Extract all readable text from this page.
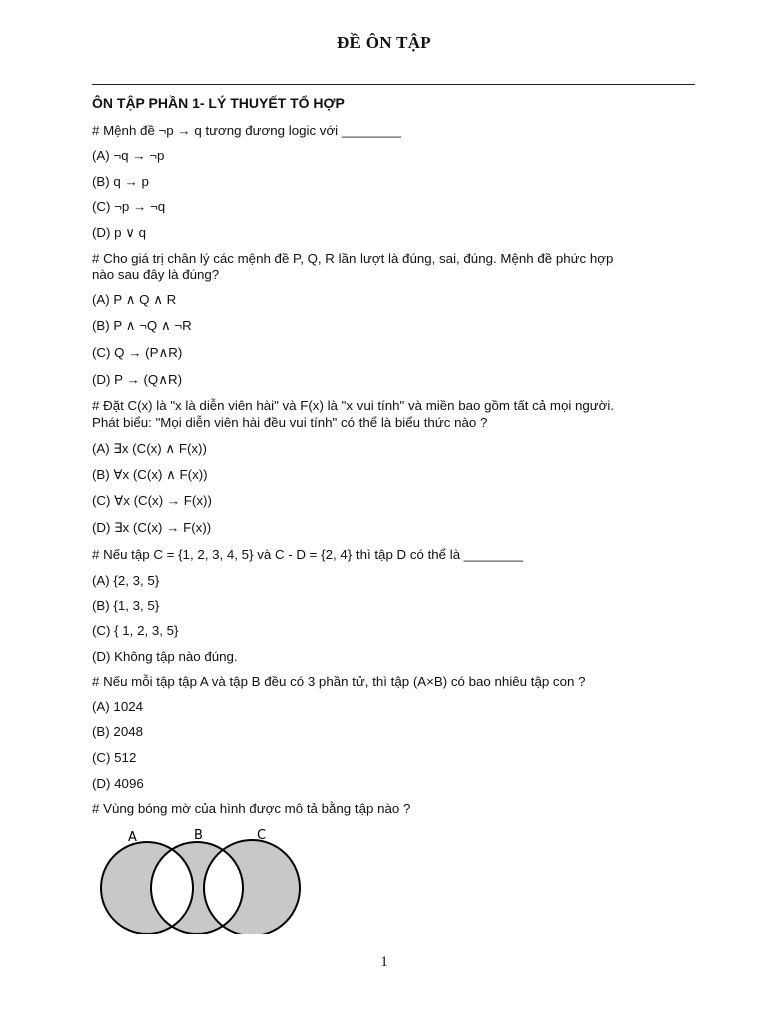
ĐỀ ÔN TẬP
ÔN TẬP PHẦN 1- LÝ THUYẾT TỔ HỢP
# Mệnh đề ¬p → q tương đương logic với ________
(A) ¬q → ¬p
(B) q → p
(C) ¬p → ¬q
(D) p ∨ q
# Cho giá trị chân lý các mệnh đề P, Q, R lần lượt là đúng, sai, đúng. Mệnh đề phức hợp
nào sau đây là đúng?
(A) P ∧ Q ∧ R
(B) P ∧ ¬Q ∧ ¬R
(C) Q → (P∧R)
(D) P → (Q∧R)
# Đặt C(x) là "x là diễn viên hài" và F(x) là "x vui tính" và miền bao gồm tất cả mọi người.
Phát biểu: "Mọi diễn viên hài đều vui tính" có thể là biểu thức nào ?
(A) ∃x (C(x) ∧ F(x))
(B) ∀x (C(x) ∧ F(x))
(C) ∀x (C(x) → F(x))
(D) ∃x (C(x) → F(x))
# Nếu tập C = {1, 2, 3, 4, 5} và C - D = {2, 4} thì tập D có thể là ________
(A) {2, 3, 5}
(B) {1, 3, 5}
(C) { 1, 2, 3, 5}
(D) Không tập nào đúng.
# Nếu mỗi tập tập A và tập B đều có 3 phần tử, thì tập (A×B) có bao nhiêu tập con ?
(A) 1024
(B) 2048
(C) 512
(D) 4096
# Vùng bóng mờ của hình được mô tả bằng tập nào ?
A	B	C
1
